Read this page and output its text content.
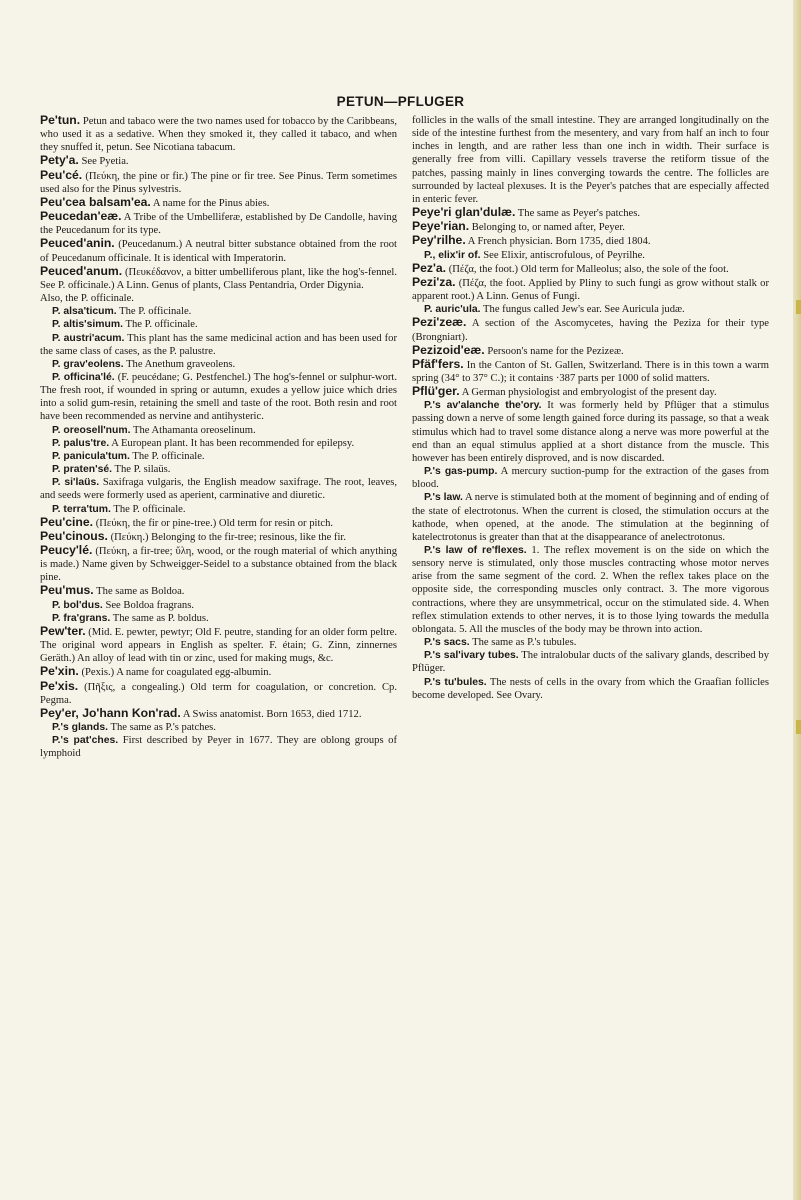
PETUN—PFLUGER

Pe'tun. Petun and tabaco were the two names used for tobacco by the Caribbeans, who used it as a sedative. When they smoked it, they called it tabaco, and when they snuffed it, petun. See Nicotiana tabacum.

Pety'a. See Pyetia.

Peu'cé. (Πεύκη, the pine or fir.) The pine or fir tree. See Pinus. Term sometimes used also for the Pinus sylvestris.

Peu'cea balsam'ea. A name for the Pinus abies.

Peucedan'eæ. A Tribe of the Umbelliferæ, established by De Candolle, having the Peucedanum for its type.

Peuced'anin. (Peucedanum.) A neutral bitter substance obtained from the root of Peucedanum officinale. It is identical with Imperatorin.

Peuced'anum. (Πευκέδανον, a bitter umbelliferous plant, like the hog's-fennel. See P. officinale.) A Linn. Genus of plants, Class Pentandria, Order Digynia.

Also, the P. officinale.

P. alsa'ticum. The P. officinale.

P. altis'simum. The P. officinale.

P. austri'acum. This plant has the same medicinal action and has been used for the same class of cases, as the P. palustre.

P. grav'eolens. The Anethum graveolens.

P. officina'lé. (F. peucédane; G. Pestfenchel.) The hog's-fennel or sulphur-wort. The fresh root, if wounded in spring or autumn, exudes a yellow juice which dries into a solid gum-resin, retaining the smell and taste of the root. Both resin and root have been recommended as nervine and antihysteric.

P. oreosell'num. The Athamanta oreoselinum.

P. palus'tre. A European plant. It has been recommended for epilepsy.

P. panicula'tum. The P. officinale.

P. praten'sé. The P. silaüs.

P. si'laüs. Saxifraga vulgaris, the English meadow saxifrage. The root, leaves, and seeds were formerly used as aperient, carminative and diuretic.

P. terra'tum. The P. officinale.

Peu'cine. (Πεύκη, the fir or pine-tree.) Old term for resin or pitch.

Peu'cinous. (Πεύκη.) Belonging to the fir-tree; resinous, like the fir.

Peucy'lé. (Πεύκη, a fir-tree; ὕλη, wood, or the rough material of which anything is made.) Name given by Schweigger-Seidel to a substance obtained from the black pine.

Peu'mus. The same as Boldoa.

P. bol'dus. See Boldoa fragrans.

P. fra'grans. The same as P. boldus.

Pew'ter. (Mid. E. pewter, pewtyr; Old F. peutre, standing for an older form peltre. The original word appears in English as spelter. F. étain; G. Zinn, zinnernes Geräth.) An alloy of lead with tin or zinc, used for making mugs, &c.

Pe'xin. (Pexis.) A name for coagulated egg-albumin.

Pe'xis. (Πῆξις, a congealing.) Old term for coagulation, or concretion. Cp. Pegma.

Pey'er, Jo'hann Kon'rad. A Swiss anatomist. Born 1653, died 1712.

P.'s glands. The same as P.'s patches.

P.'s pat'ches. First described by Peyer in 1677. They are oblong groups of lymphoid

follicles in the walls of the small intestine. They are arranged longitudinally on the side of the intestine furthest from the mesentery, and vary from half an inch to four inches in length, and are rather less than one inch in width. Their surface is generally free from villi. Capillary vessels traverse the retiform tissue of the patches, passing mainly in lines converging towards the centre. The follicles are surrounded by lacteal plexuses. It is the Peyer's patches that are especially affected in enteric fever.

Peye'ri glan'dulæ. The same as Peyer's patches.

Peye'rian. Belonging to, or named after, Peyer.

Pey'rilhe. A French physician. Born 1735, died 1804.

P., elix'ir of. See Elixir, antiscrofulous, of Peyrilhe.

Pez'a. (Πέζα, the foot.) Old term for Malleolus; also, the sole of the foot.

Pezi'za. (Πέζα, the foot. Applied by Pliny to such fungi as grow without stalk or apparent root.) A Linn. Genus of Fungi.

P. auric'ula. The fungus called Jew's ear. See Auricula judæ.

Pezi'zeæ. A section of the Ascomycetes, having the Peziza for their type (Brongniart).

Pezizoid'eæ. Persoon's name for the Pezizeæ.

Pfäf'fers. In the Canton of St. Gallen, Switzerland. There is in this town a warm spring (34° to 37° C.); it contains ·387 parts per 1000 of solid matters.

Pflü'ger. A German physiologist and embryologist of the present day.

P.'s av'alanche the'ory. It was formerly held by Pflüger that a stimulus passing down a nerve of some length gained force during its passage, so that a weak stimulus which had to travel some distance along a nerve was more powerful at the end than an equal stimulus applied at a short distance from the muscle. This however has been entirely disproved, and is now discarded.

P.'s gas-pump. A mercury suction-pump for the extraction of the gases from blood.

P.'s law. A nerve is stimulated both at the moment of beginning and of ending of the state of electrotonus. When the current is closed, the stimulation occurs at the kathode, when opened, at the anode. The stimulation at the beginning of katelectrotonus is greater than that at the disappearance of anelectrotonus.

P.'s law of re'flexes. 1. The reflex movement is on the side on which the sensory nerve is stimulated, only those muscles contracting whose motor nerves arise from the same segment of the cord. 2. When the reflex takes place on the opposite side, the corresponding muscles only contract. 3. The more vigorous contractions, where they are unsymmetrical, occur on the stimulated side. 4. When reflex stimulation extends to other nerves, it is to those lying towards the medulla oblongata. 5. All the muscles of the body may be thrown into action.

P.'s sacs. The same as P.'s tubules.

P.'s sal'ivary tubes. The intralobular ducts of the salivary glands, described by Pflüger.

P.'s tu'bules. The nests of cells in the ovary from which the Graafian follicles become developed. See Ovary.
